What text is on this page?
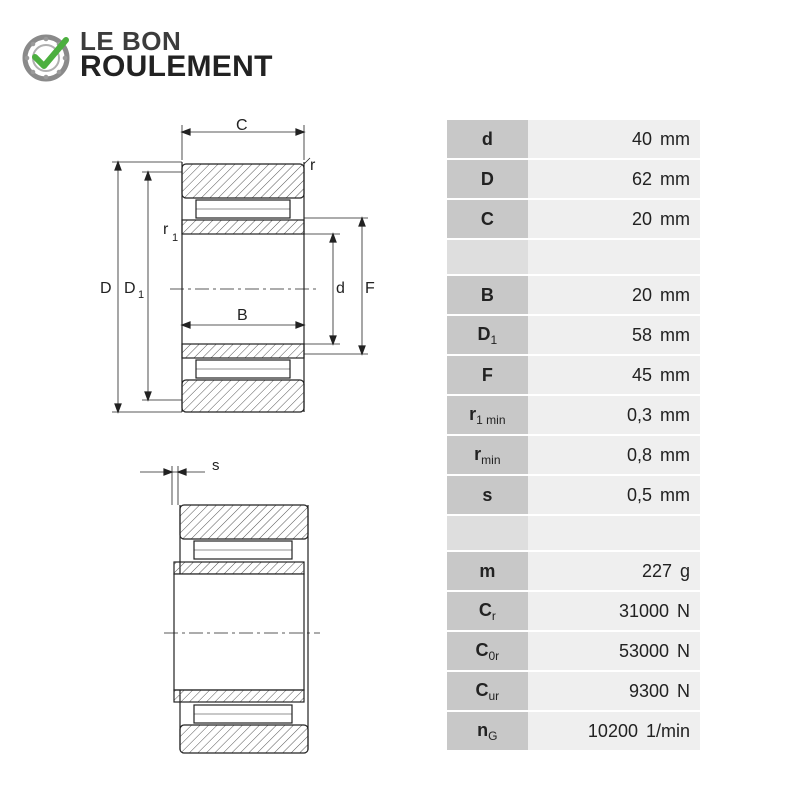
LE BON
ROULEMENT
C
r
r 1
D D 1
B
d F
s
d	40 mm
D	62 mm
C	20 mm

B	20 mm
$D_1$	58 mm
F	45 mm
$r_{1 min}$	0,3 mm
$r_{min}$	0,8 mm
s	0,5 mm

m	227 g
$C_r$	31000 N
$C_{0r}$	53000 N
$C_{ur}$	9300 N
$n_G$	10200 1/min
